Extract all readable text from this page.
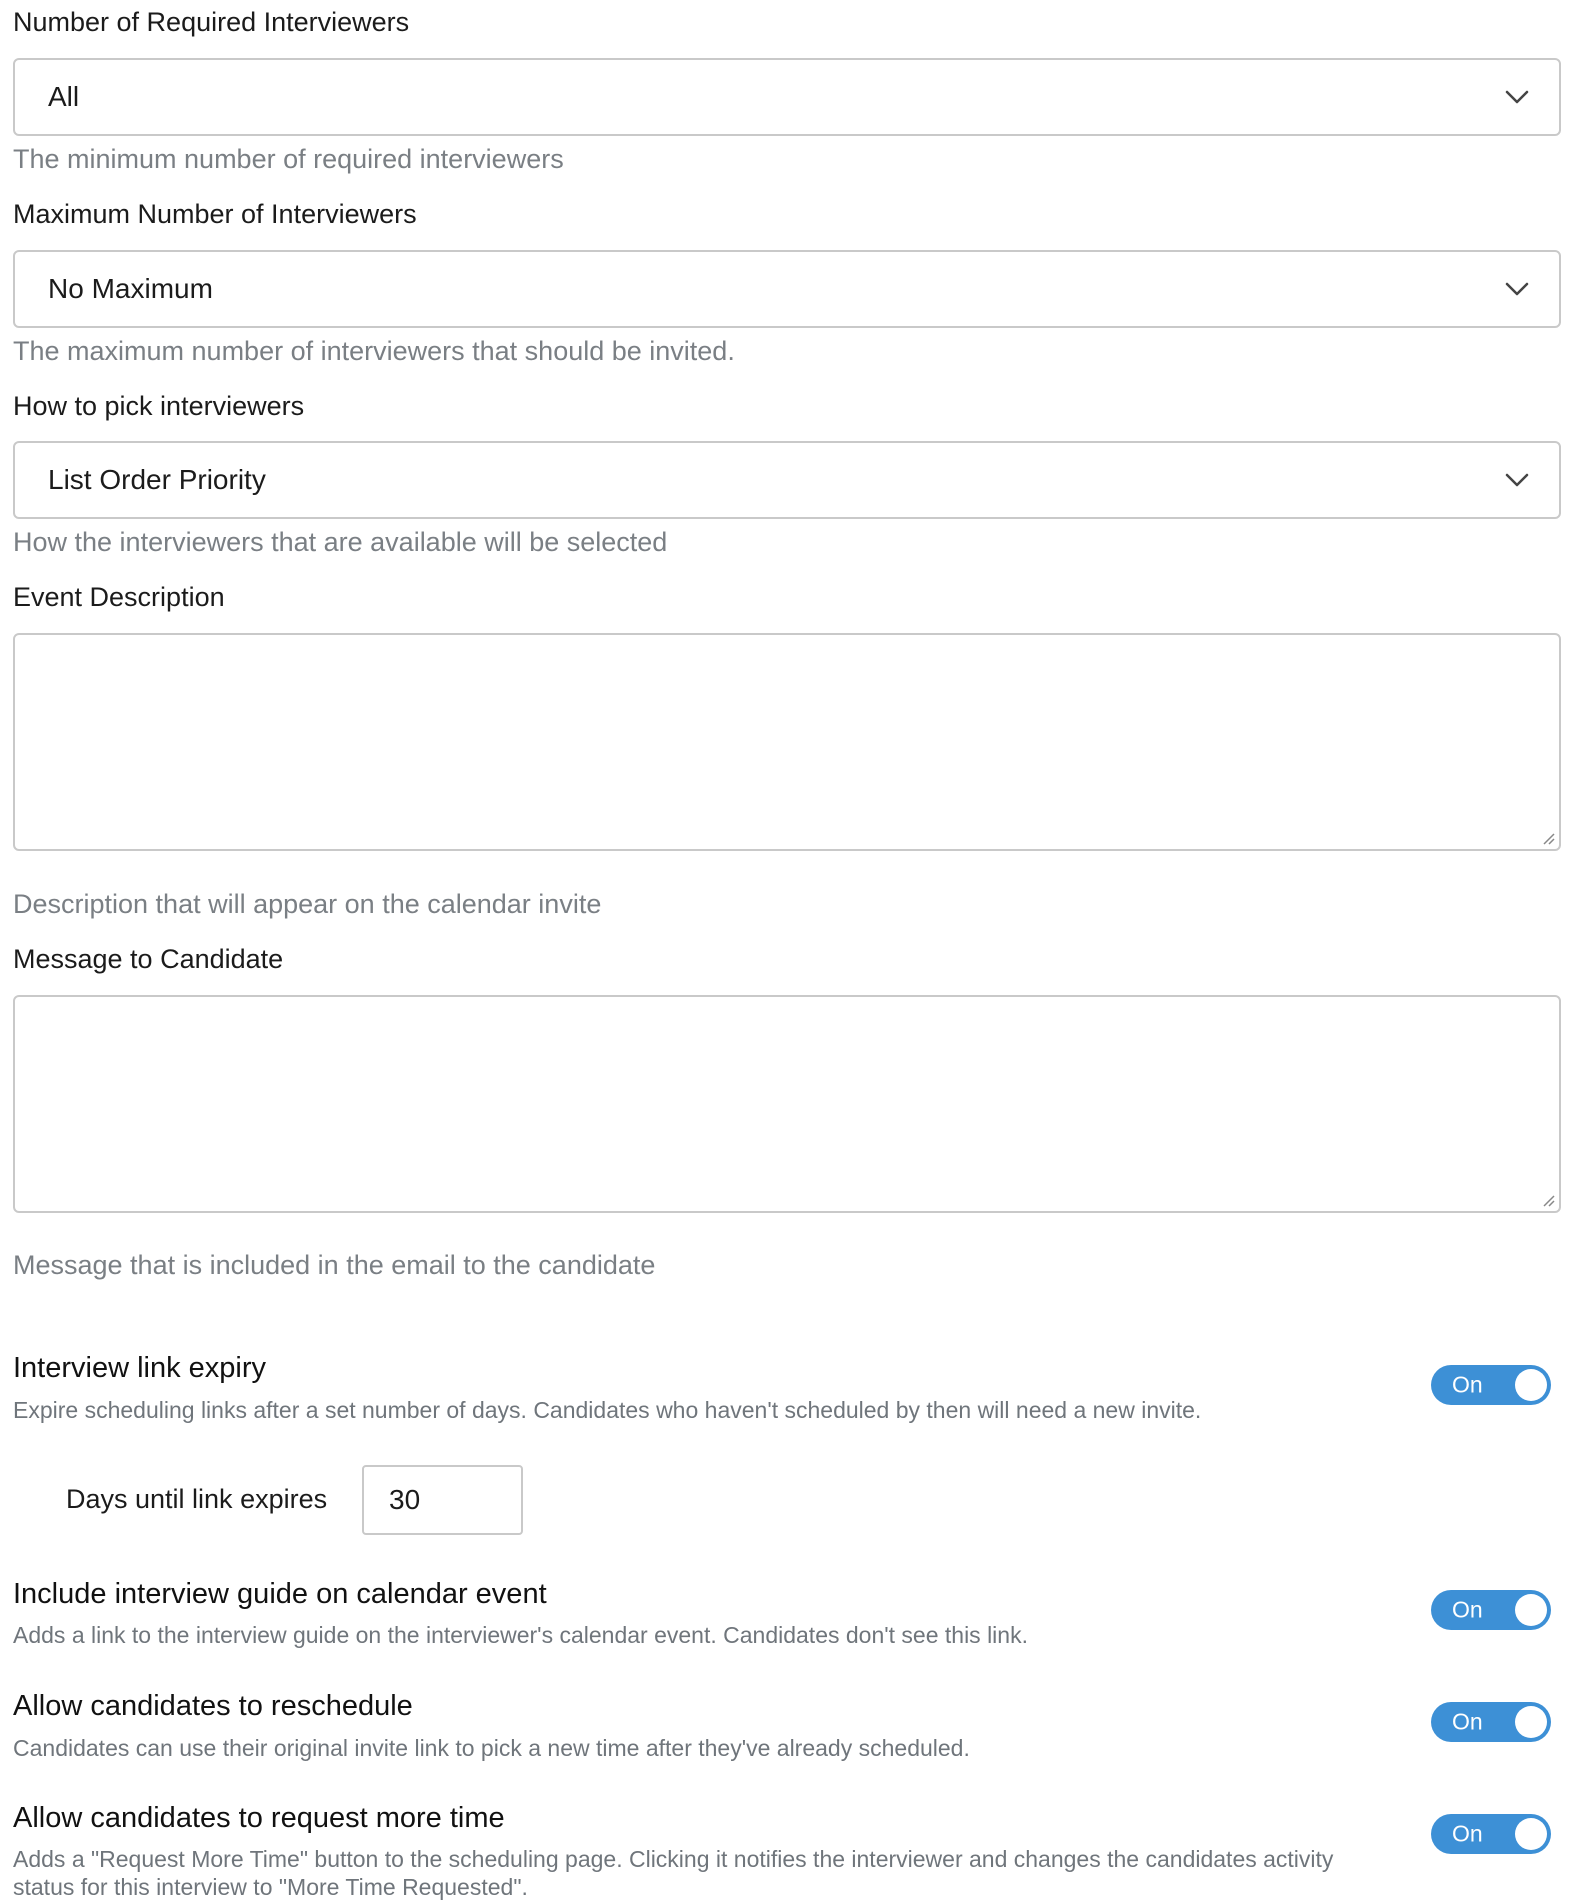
Number of Required Interviewers
All
The minimum number of required interviewers
Maximum Number of Interviewers
No Maximum
The maximum number of interviewers that should be invited.
How to pick interviewers
List Order Priority
How the interviewers that are available will be selected
Event Description
Description that will appear on the calendar invite
Message to Candidate
Message that is included in the email to the candidate
Interview link expiry
Expire scheduling links after a set number of days. Candidates who haven't scheduled by then will need a new invite.
On
Days until link expires 30
Include interview guide on calendar event
Adds a link to the interview guide on the interviewer's calendar event. Candidates don't see this link.
On
Allow candidates to reschedule
Candidates can use their original invite link to pick a new time after they've already scheduled.
On
Allow candidates to request more time
Adds a "Request More Time" button to the scheduling page. Clicking it notifies the interviewer and changes the candidates activity status for this interview to "More Time Requested".
On
